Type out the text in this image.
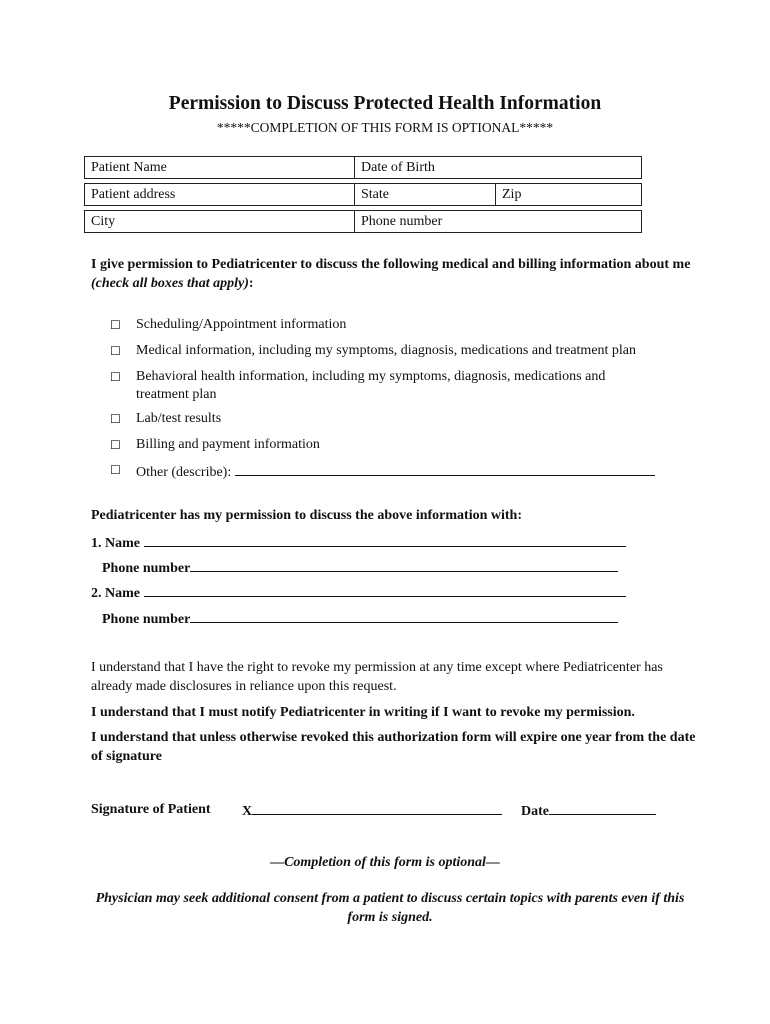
Permission to Discuss Protected Health Information
*****COMPLETION OF THIS FORM IS OPTIONAL*****
Patient Name	Date of Birth	
Patient address	State	Zip
City	Phone number	
I give permission to Pediatricenter to discuss the following medical and billing information about me (check all boxes that apply):
☐	Scheduling/Appointment information
☐	Medical information, including my symptoms, diagnosis, medications and treatment plan
☐	Behavioral health information, including my symptoms, diagnosis, medications and treatment plan
☐	Lab/test results
☐	Billing and payment information
☐	Other (describe):
Pediatricenter has my permission to discuss the above information with:
1. Name
Phone number
2. Name
Phone number
I understand that I have the right to revoke my permission at any time except where Pediatricenter has already made disclosures in reliance upon this request.
I understand that I must notify Pediatricenter in writing if I want to revoke my permission.
I understand that unless otherwise revoked this authorization form will expire one year from the date of signature
Signature of Patient X	Date
—Completion of this form is optional—
Physician may seek additional consent from a patient to discuss certain topics with parents even if this form is signed.
